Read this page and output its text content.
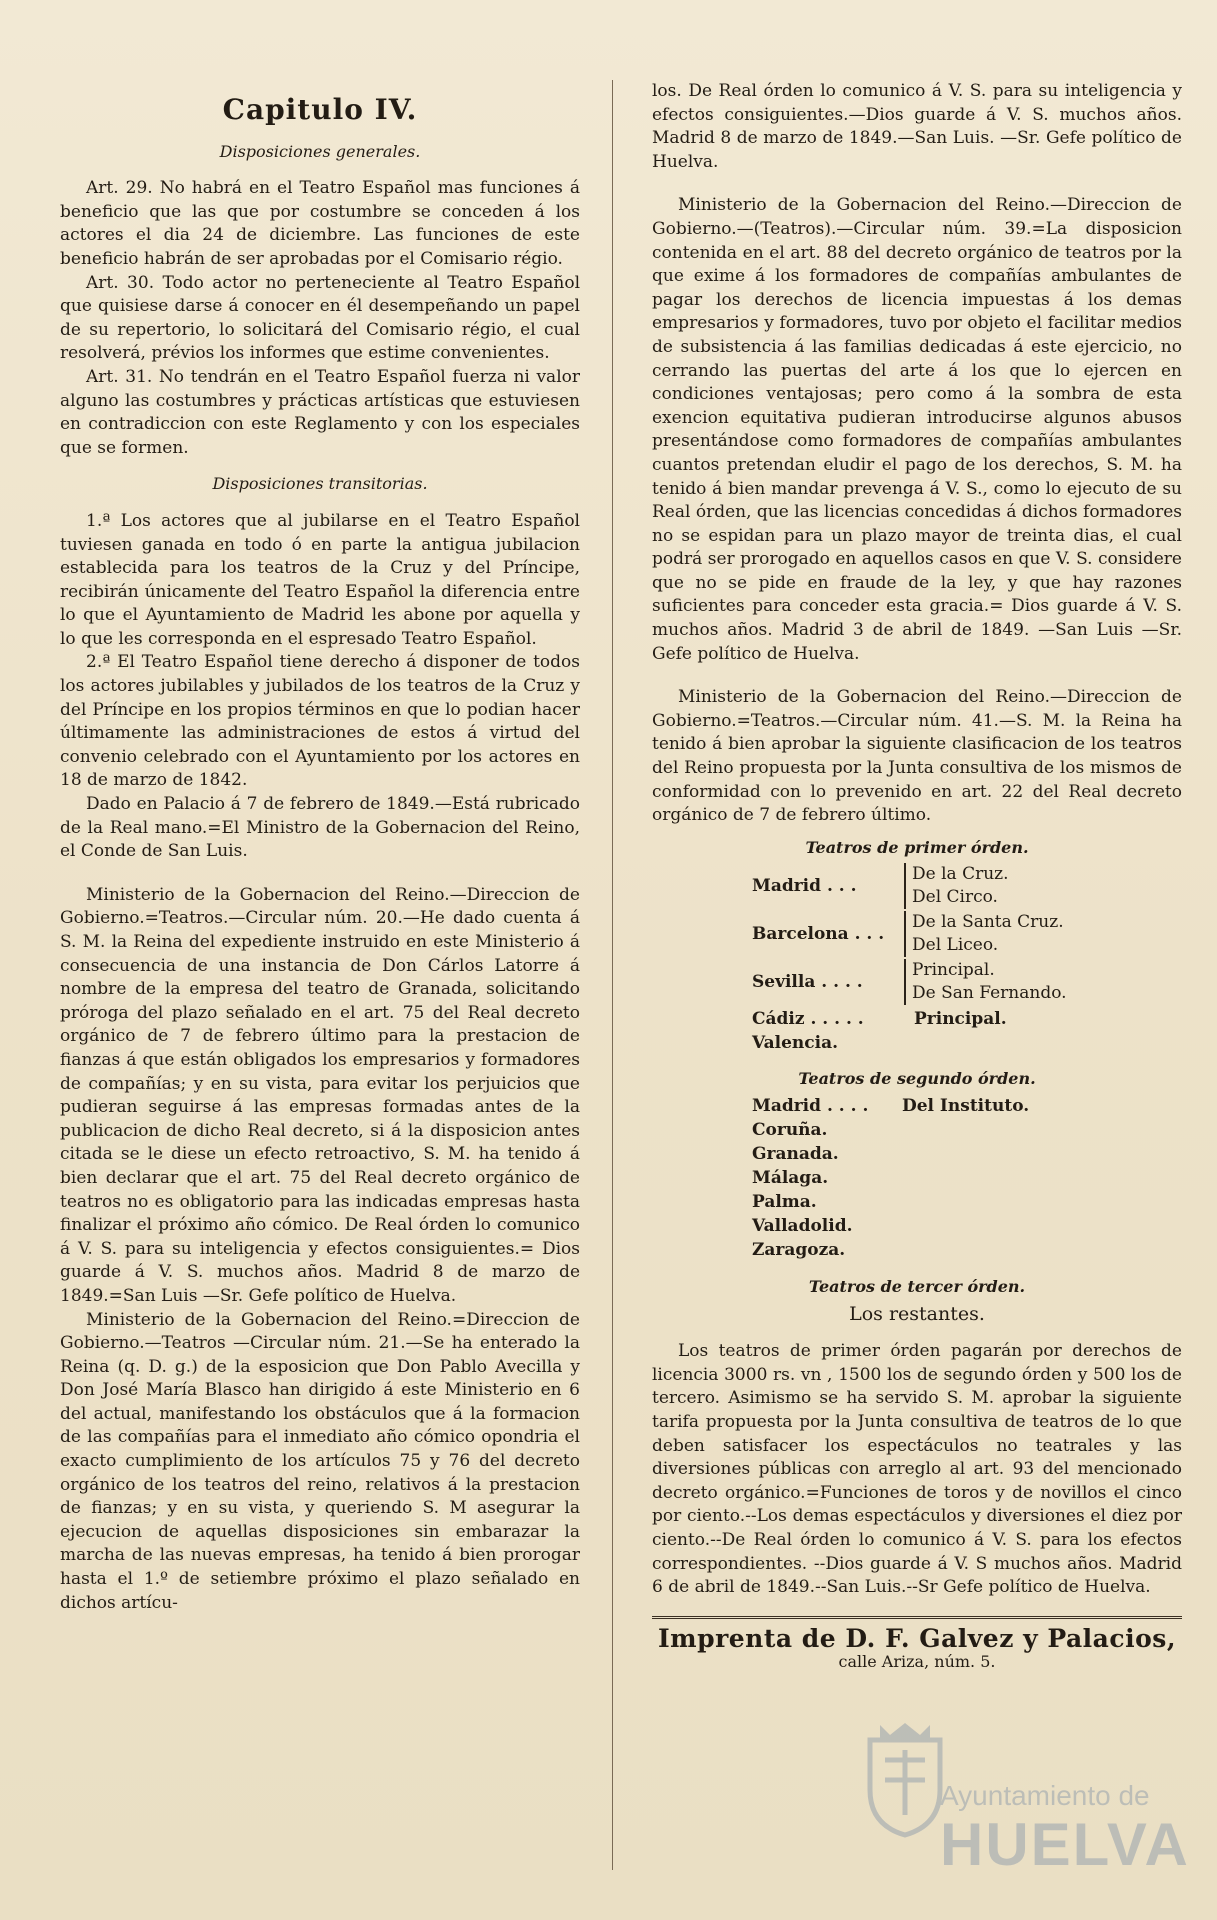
Capitulo IV.
Disposiciones generales.

Art. 29. No habrá en el Teatro Español mas funciones á beneficio que las que por costumbre se conceden á los actores el dia 24 de diciembre. Las funciones de este beneficio habrán de ser aprobadas por el Comisario régio.

Art. 30. Todo actor no perteneciente al Teatro Español que quisiese darse á conocer en él desempeñando un papel de su repertorio, lo solicitará del Comisario régio, el cual resolverá, prévios los informes que estime convenientes.

Art. 31. No tendrán en el Teatro Español fuerza ni valor alguno las costumbres y prácticas artísticas que estuviesen en contradiccion con este Reglamento y con los especiales que se formen.

Disposiciones transitorias.

1.ª Los actores que al jubilarse en el Teatro Español tuviesen ganada en todo ó en parte la antigua jubilacion establecida para los teatros de la Cruz y del Príncipe, recibirán únicamente del Teatro Español la diferencia entre lo que el Ayuntamiento de Madrid les abone por aquella y lo que les corresponda en el espresado Teatro Español.

2.ª El Teatro Español tiene derecho á disponer de todos los actores jubilables y jubilados de los teatros de la Cruz y del Príncipe en los propios términos en que lo podian hacer últimamente las administraciones de estos á virtud del convenio celebrado con el Ayuntamiento por los actores en 18 de marzo de 1842.

Dado en Palacio á 7 de febrero de 1849.—Está rubricado de la Real mano.=El Ministro de la Gobernacion del Reino, el Conde de San Luis.

Ministerio de la Gobernacion del Reino.—Direccion de Gobierno.=Teatros.—Circular núm. 20.—He dado cuenta á S. M. la Reina del expediente instruido en este Ministerio á consecuencia de una instancia de Don Cárlos Latorre á nombre de la empresa del teatro de Granada, solicitando próroga del plazo señalado en el art. 75 del Real decreto orgánico de 7 de febrero último para la prestacion de fianzas á que están obligados los empresarios y formadores de compañías; y en su vista, para evitar los perjuicios que pudieran seguirse á las empresas formadas antes de la publicacion de dicho Real decreto, si á la disposicion antes citada se le diese un efecto retroactivo, S. M. ha tenido á bien declarar que el art. 75 del Real decreto orgánico de teatros no es obligatorio para las indicadas empresas hasta finalizar el próximo año cómico. De Real órden lo comunico á V. S. para su inteligencia y efectos consiguientes.= Dios guarde á V. S. muchos años. Madrid 8 de marzo de 1849.=San Luis —Sr. Gefe político de Huelva.

Ministerio de la Gobernacion del Reino.=Direccion de Gobierno.—Teatros —Circular núm. 21.—Se ha enterado la Reina (q. D. g.) de la esposicion que Don Pablo Avecilla y Don José María Blasco han dirigido á este Ministerio en 6 del actual, manifestando los obstáculos que á la formacion de las compañías para el inmediato año cómico opondria el exacto cumplimiento de los artículos 75 y 76 del decreto orgánico de los teatros del reino, relativos á la prestacion de fianzas; y en su vista, y queriendo S. M asegurar la ejecucion de aquellas disposiciones sin embarazar la marcha de las nuevas empresas, ha tenido á bien prorogar hasta el 1.º de setiembre próximo el plazo señalado en dichos artícu-

los. De Real órden lo comunico á V. S. para su inteligencia y efectos consiguientes.—Dios guarde á V. S. muchos años. Madrid 8 de marzo de 1849.—San Luis. —Sr. Gefe político de Huelva.

Ministerio de la Gobernacion del Reino.—Direccion de Gobierno.—(Teatros).—Circular núm. 39.=La disposicion contenida en el art. 88 del decreto orgánico de teatros por la que exime á los formadores de compañías ambulantes de pagar los derechos de licencia impuestas á los demas empresarios y formadores, tuvo por objeto el facilitar medios de subsistencia á las familias dedicadas á este ejercicio, no cerrando las puertas del arte á los que lo ejercen en condiciones ventajosas; pero como á la sombra de esta exencion equitativa pudieran introducirse algunos abusos presentándose como formadores de compañías ambulantes cuantos pretendan eludir el pago de los derechos, S. M. ha tenido á bien mandar prevenga á V. S., como lo ejecuto de su Real órden, que las licencias concedidas á dichos formadores no se espidan para un plazo mayor de treinta dias, el cual podrá ser prorogado en aquellos casos en que V. S. considere que no se pide en fraude de la ley, y que hay razones suficientes para conceder esta gracia.= Dios guarde á V. S. muchos años. Madrid 3 de abril de 1849. —San Luis —Sr. Gefe político de Huelva.

Ministerio de la Gobernacion del Reino.—Direccion de Gobierno.=Teatros.—Circular núm. 41.—S. M. la Reina ha tenido á bien aprobar la siguiente clasificacion de los teatros del Reino propuesta por la Junta consultiva de los mismos de conformidad con lo prevenido en art. 22 del Real decreto orgánico de 7 de febrero último.

Teatros de primer órden.
Madrid . . .
De la Cruz.
Del Circo.
Barcelona . . .
De la Santa Cruz.
Del Liceo.
Sevilla . . . .
Principal.
De San Fernando.
Cádiz . . . . .	Principal.
Valencia.
Teatros de segundo órden.
Madrid . . . .	Del Instituto.
Coruña.
Granada.
Málaga.
Palma.
Valladolid.
Zaragoza.
Teatros de tercer órden.
Los restantes.

Los teatros de primer órden pagarán por derechos de licencia 3000 rs. vn , 1500 los de segundo órden y 500 los de tercero. Asimismo se ha servido S. M. aprobar la siguiente tarifa propuesta por la Junta consultiva de teatros de lo que deben satisfacer los espectáculos no teatrales y las diversiones públicas con arreglo al art. 93 del mencionado decreto orgánico.=Funciones de toros y de novillos el cinco por ciento.--Los demas espectáculos y diversiones el diez por ciento.--De Real órden lo comunico á V. S. para los efectos correspondientes. --Dios guarde á V. S muchos años. Madrid 6 de abril de 1849.--San Luis.--Sr Gefe político de Huelva.

Imprenta de D. F. Galvez y Palacios,
calle Ariza, núm. 5.
Ayuntamiento de
HUELVA
